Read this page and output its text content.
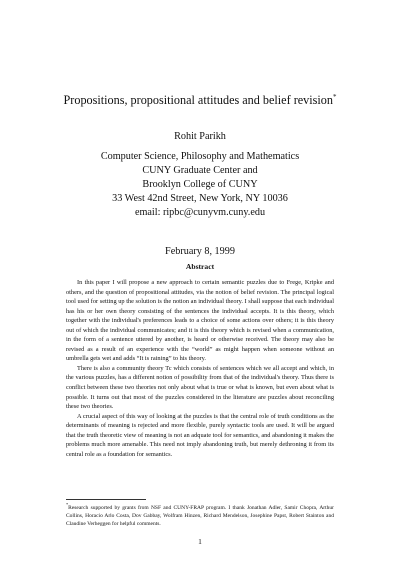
Propositions, propositional attitudes and belief revision*
Rohit Parikh
Computer Science, Philosophy and Mathematics
CUNY Graduate Center and
Brooklyn College of CUNY
33 West 42nd Street, New York, NY 10036
email: ripbc@cunyvm.cuny.edu
February 8, 1999
Abstract

In this paper I will propose a new approach to certain semantic puzzles due to Frege, Kripke and others, and the question of propositional attitudes, via the notion of belief revision. The principal logical tool used for setting up the solution is the notion an individual theory. I shall suppose that each individual has his or her own theory consisting of the sentences the individual accepts. It is this theory, which together with the individual's preferences leads to a choice of some actions over others; it is this theory out of which the individual communicates; and it is this theory which is revised when a communication, in the form of a sentence uttered by another, is heard or otherwise received. The theory may also be revised as a result of an experience with the “world” as might happen when someone without an umbrella gets wet and adds “It is raining” to his theory.

There is also a community theory Tc which consists of sentences which we all accept and which, in the various puzzles, has a different notion of possibility from that of the individual's theory. Thus there is conflict between these two theories not only about what is true or what is known, but even about what is possible. It turns out that most of the puzzles considered in the literature are puzzles about reconciling these two theories.

A crucial aspect of this way of looking at the puzzles is that the central role of truth conditions as the determinants of meaning is rejected and more flexible, purely syntactic tools are used. It will be argued that the truth theoretic view of meaning is not an adquate tool for semantics, and abandoning it makes the problems much more amenable. This need not imply abandoning truth, but merely dethroning it from its central role as a foundation for semantics.

*Research supported by grants from NSF and CUNY-FRAP program. I thank Jonathan Adler, Samir Chopra, Arthur Collins, Horacio Arlo Costa, Dov Gabbay, Wolfram Hinzen, Richard Mendelson, Josephine Papst, Robert Stainton and Claudine Verheggen for helpful comments.
1
